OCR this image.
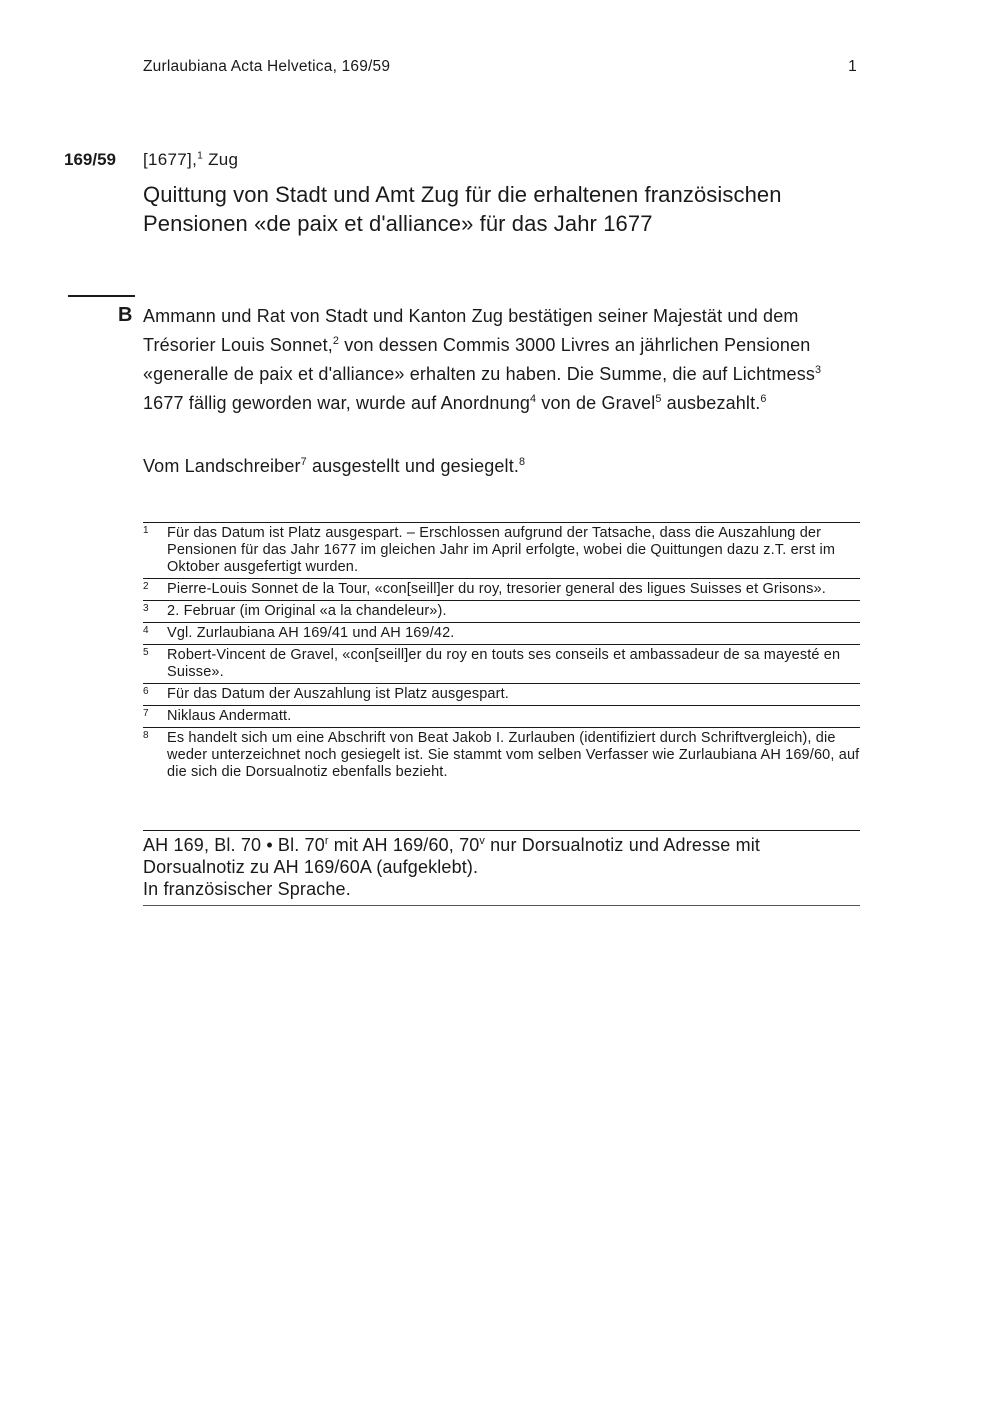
Zurlaubiana Acta Helvetica, 169/59	1
169/59 [1677],$^1$ Zug
Quittung von Stadt und Amt Zug für die erhaltenen französischen Pensionen «de paix et d'alliance» für das Jahr 1677
B Ammann und Rat von Stadt und Kanton Zug bestätigen seiner Majestät und dem Trésorier Louis Sonnet,$^2$ von dessen Commis 3000 Livres an jährlichen Pensionen «generalle de paix et d'alliance» erhalten zu haben. Die Summe, die auf Lichtmess$^3$ 1677 fällig geworden war, wurde auf Anordnung$^4$ von de Gravel$^5$ ausbezahlt.$^6$

Vom Landschreiber$^7$ ausgestellt und gesiegelt.$^8$

1	Für das Datum ist Platz ausgespart. – Erschlossen aufgrund der Tatsache, dass die Auszahlung der Pensionen für das Jahr 1677 im gleichen Jahr im April erfolgte, wobei die Quittungen dazu z.T. erst im Oktober ausgefertigt wurden.
2	Pierre-Louis Sonnet de la Tour, «con[seill]er du roy, tresorier general des ligues Suisses et Grisons».
3	2. Februar (im Original «a la chandeleur»).
4	Vgl. Zurlaubiana AH 169/41 und AH 169/42.
5	Robert-Vincent de Gravel, «con[seill]er du roy en touts ses conseils et ambassadeur de sa mayesté en Suisse».
6	Für das Datum der Auszahlung ist Platz ausgespart.
7	Niklaus Andermatt.
8	Es handelt sich um eine Abschrift von Beat Jakob I. Zurlauben (identifiziert durch Schriftvergleich), die weder unterzeichnet noch gesiegelt ist. Sie stammt vom selben Verfasser wie Zurlaubiana AH 169/60, auf die sich die Dorsualnotiz ebenfalls bezieht.
AH 169, Bl. 70 • Bl. 70$^r$ mit AH 169/60, 70$^v$ nur Dorsualnotiz und Adresse mit Dorsualnotiz zu AH 169/60A (aufgeklebt).
In französischer Sprache.
